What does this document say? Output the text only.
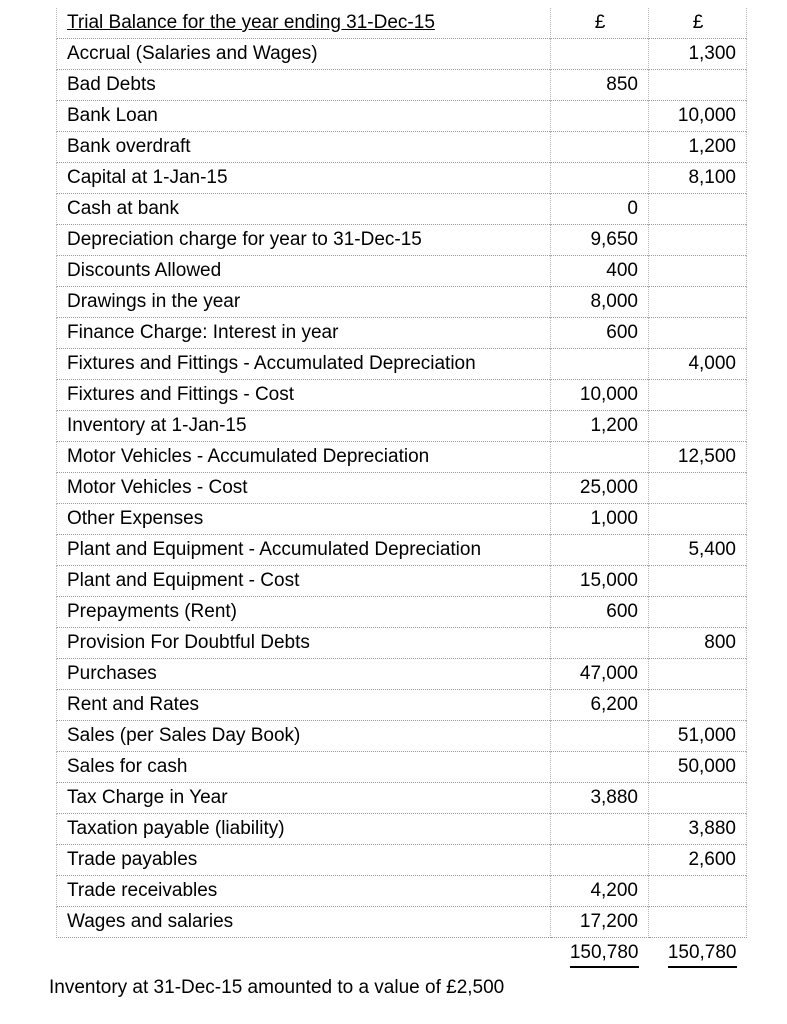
Trial Balance for the year ending 31-Dec-15	£	£
Accrual (Salaries and Wages)		1,300
Bad Debts	850	
Bank Loan		10,000
Bank overdraft		1,200
Capital at 1-Jan-15		8,100
Cash at bank	0	
Depreciation charge for year to 31-Dec-15	9,650	
Discounts Allowed	400	
Drawings in the year	8,000	
Finance Charge: Interest in year	600	
Fixtures and Fittings - Accumulated Depreciation		4,000
Fixtures and Fittings - Cost	10,000	
Inventory at 1-Jan-15	1,200	
Motor Vehicles - Accumulated Depreciation		12,500
Motor Vehicles - Cost	25,000	
Other Expenses	1,000	
Plant and Equipment - Accumulated Depreciation		5,400
Plant and Equipment - Cost	15,000	
Prepayments (Rent)	600	
Provision For Doubtful Debts		800
Purchases	47,000	
Rent and Rates	6,200	
Sales (per Sales Day Book)		51,000
Sales for cash		50,000
Tax Charge in Year	3,880	
Taxation payable (liability)		3,880
Trade payables		2,600
Trade receivables	4,200	
Wages and salaries	17,200	
	150,780	150,780
Inventory at 31-Dec-15 amounted to a value of £2,500
